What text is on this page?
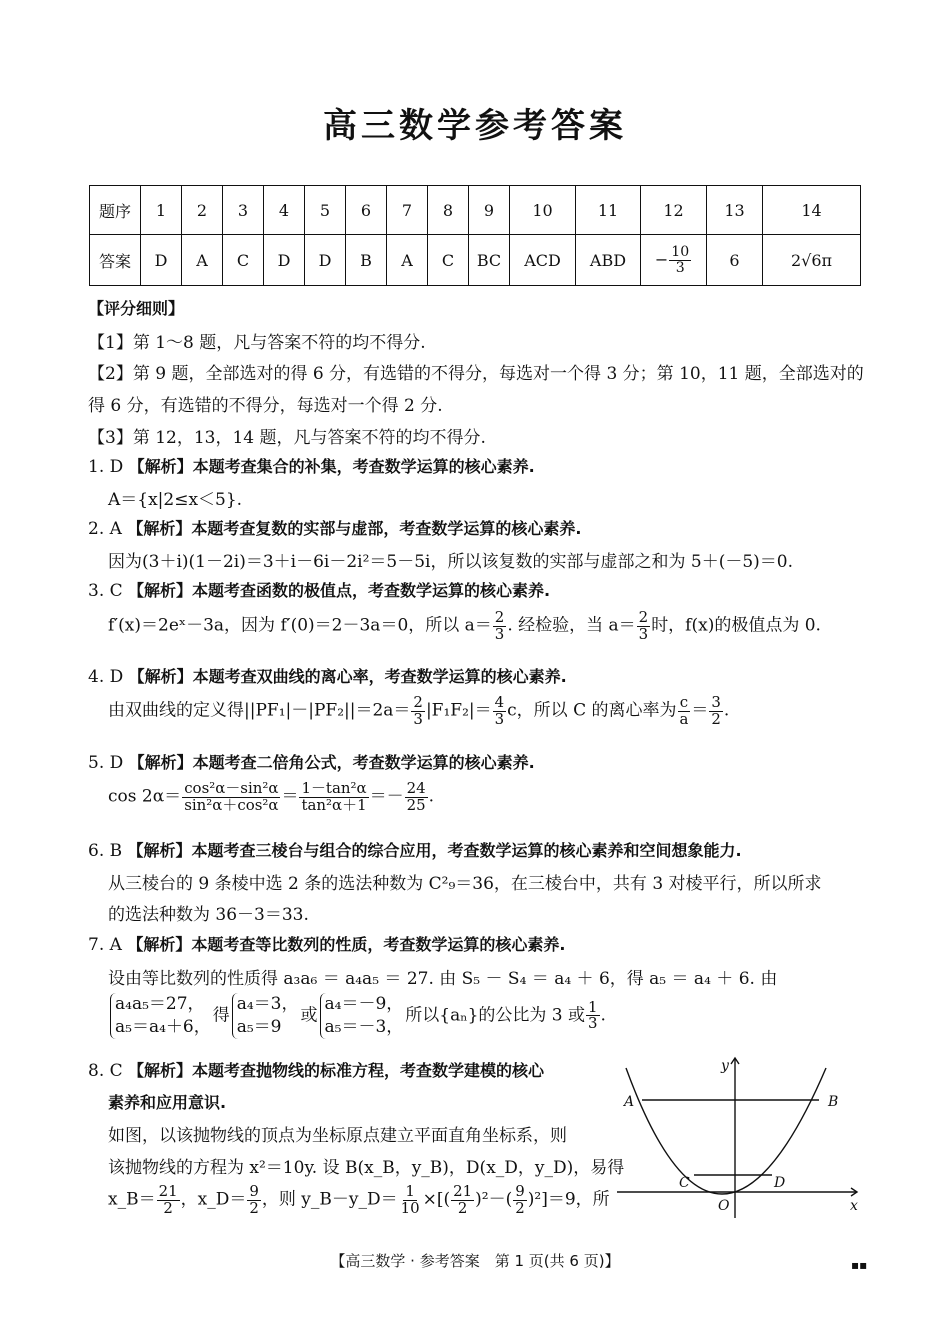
高三数学参考答案
题序	1	2	3	4	5	6	7	8	9	10	11	12	13	14
答案	D	A	C	D	D	B	A	C	BC	ACD	ABD	− $\frac{10}{3}$	6	2√6π
【评分细则】
【1】第 1～8 题，凡与答案不符的均不得分.
【2】第 9 题，全部选对的得 6 分，有选错的不得分，每选对一个得 3 分；第 10，11 题，全部选对的
得 6 分，有选错的不得分，每选对一个得 2 分.
【3】第 12，13，14 题，凡与答案不符的均不得分.
1. D 【解析】本题考查集合的补集，考查数学运算的核心素养.
A＝{x|2≤x＜5}.
2. A 【解析】本题考查复数的实部与虚部，考查数学运算的核心素养.
因为(3＋i)(1－2i)＝3＋i－6i－2i²＝5－5i，所以该复数的实部与虚部之和为 5＋(－5)＝0.
3. C 【解析】本题考查函数的极值点，考查数学运算的核心素养.
f′(x)＝2eˣ－3a，因为 f′(0)＝2－3a＝0，所以 $a= \frac{2}{3}$ . 经检验，当 $a= \frac{2}{3}$ 时，f(x)的极值点为 0.
4. D 【解析】本题考查双曲线的离心率，考查数学运算的核心素养.
由双曲线的定义得$||PF_1|-|PF_2||=2a= \frac{2}{3} |F_1F_2|= \frac{4}{3}$ c，所以 C 的离心率为 $\frac{c}{a} = \frac{3}{2}$ .
5. D 【解析】本题考查二倍角公式，考查数学运算的核心素养.
$\cos 2\alpha= \frac{\text{cos²α－sin²α}}{\text{sin²α＋cos²α}} = \frac{\text{1－tan²α}}{\text{tan²α＋1}} =- \frac{24}{25}$ .
6. B 【解析】本题考查三棱台与组合的综合应用，考查数学运算的核心素养和空间想象能力.
从三棱台的 9 条棱中选 2 条的选法种数为 C²₉＝36，在三棱台中，共有 3 对棱平行，所以所求
的选法种数为 36－3＝33.
7. A 【解析】本题考查等比数列的性质，考查数学运算的核心素养.
设由等比数列的性质得 a₃a₆ ＝ a₄a₅ ＝ 27. 由 S₅ － S₄ ＝ a₄ ＋ 6，得 a₅ ＝ a₄ ＋ 6. 由
a₄a₅＝27，
a₅＝a₄＋6，
得
a₄＝3，
a₅＝9
或
a₄＝－9，
a₅＝－3，
所以{aₙ}的公比为 3 或 $\frac{1}{3}$ .
8. C 【解析】本题考查抛物线的标准方程，考查数学建模的核心
素养和应用意识.
如图，以该抛物线的顶点为坐标原点建立平面直角坐标系，则
该抛物线的方程为 x²＝10y. 设 B(x_B，y_B)，D(x_D，y_D)，易得
x_B＝ $\frac{21}{2}$ ，x_D＝ $\frac{9}{2}$ ，则 y_B－y_D＝ $\frac{1}{10}$ ×[( $\frac{21}{2} )^2-( \frac{9}{2} )^2]=9$，所
y
x
A	B
C	D
O
【高三数学 · 参考答案　第 1 页(共 6 页)】	▪▪
